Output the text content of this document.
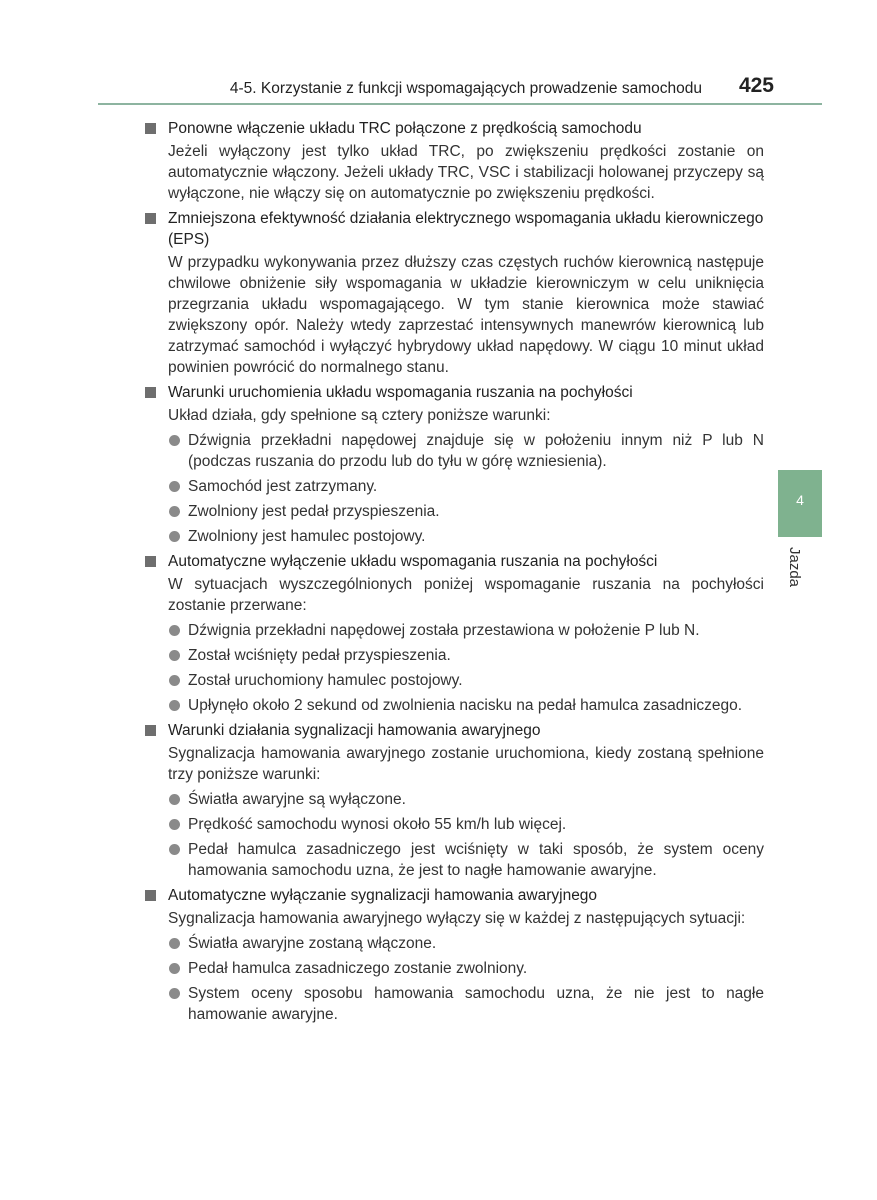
4-5. Korzystanie z funkcji wspomagających prowadzenie samochodu 425
4
Jazda
Ponowne włączenie układu TRC połączone z prędkością samochodu
Jeżeli wyłączony jest tylko układ TRC, po zwiększeniu prędkości zostanie on automatycznie włączony. Jeżeli układy TRC, VSC i stabilizacji holowanej przyczepy są wyłączone, nie włączy się on automatycznie po zwiększeniu prędkości.
Zmniejszona efektywność działania elektrycznego wspomagania układu kierowniczego (EPS)
W przypadku wykonywania przez dłuższy czas częstych ruchów kierownicą następuje chwilowe obniżenie siły wspomagania w układzie kierowniczym w celu uniknięcia przegrzania układu wspomagającego. W tym stanie kierownica może stawiać zwiększony opór. Należy wtedy zaprzestać intensywnych manewrów kierownicą lub zatrzymać samochód i wyłączyć hybrydowy układ napędowy. W ciągu 10 minut układ powinien powrócić do normalnego stanu.
Warunki uruchomienia układu wspomagania ruszania na pochyłości
Układ działa, gdy spełnione są cztery poniższe warunki:
Dźwignia przekładni napędowej znajduje się w położeniu innym niż P lub N (podczas ruszania do przodu lub do tyłu w górę wzniesienia).
Samochód jest zatrzymany.
Zwolniony jest pedał przyspieszenia.
Zwolniony jest hamulec postojowy.
Automatyczne wyłączenie układu wspomagania ruszania na pochyłości
W sytuacjach wyszczególnionych poniżej wspomaganie ruszania na pochyłości zostanie przerwane:
Dźwignia przekładni napędowej została przestawiona w położenie P lub N.
Został wciśnięty pedał przyspieszenia.
Został uruchomiony hamulec postojowy.
Upłynęło około 2 sekund od zwolnienia nacisku na pedał hamulca zasadniczego.
Warunki działania sygnalizacji hamowania awaryjnego
Sygnalizacja hamowania awaryjnego zostanie uruchomiona, kiedy zostaną spełnione trzy poniższe warunki:
Światła awaryjne są wyłączone.
Prędkość samochodu wynosi około 55 km/h lub więcej.
Pedał hamulca zasadniczego jest wciśnięty w taki sposób, że system oceny hamowania samochodu uzna, że jest to nagłe hamowanie awaryjne.
Automatyczne wyłączanie sygnalizacji hamowania awaryjnego
Sygnalizacja hamowania awaryjnego wyłączy się w każdej z następujących sytuacji:
Światła awaryjne zostaną włączone.
Pedał hamulca zasadniczego zostanie zwolniony.
System oceny sposobu hamowania samochodu uzna, że nie jest to nagłe hamowanie awaryjne.
